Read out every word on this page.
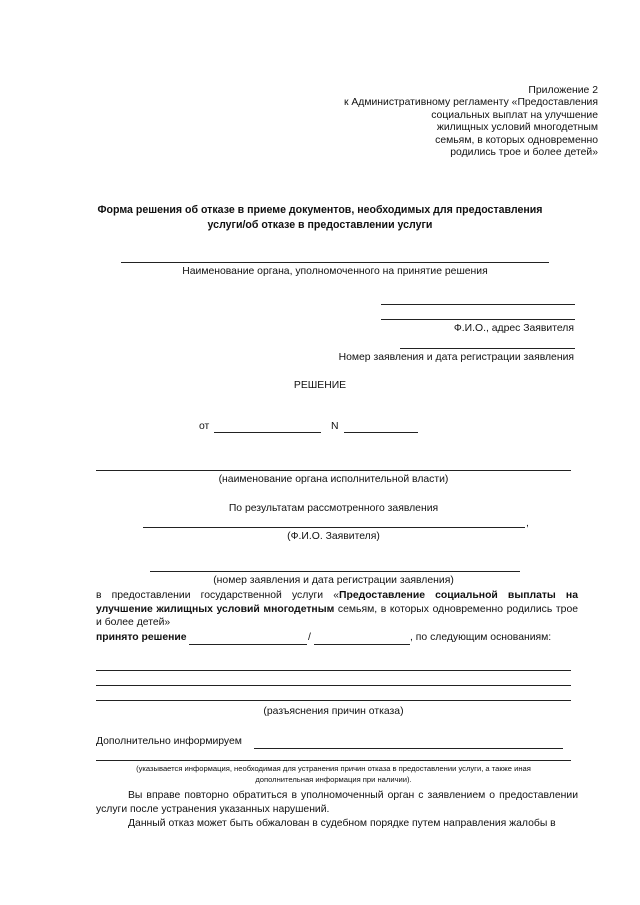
Приложение 2
к Административному регламенту «Предоставления
социальных выплат на улучшение
жилищных условий многодетным
семьям, в которых одновременно
родились трое и более детей»
Форма решения об отказе в приеме документов, необходимых для предоставления услуги/об отказе в предоставлении услуги
Наименование органа, уполномоченного на принятие решения
Ф.И.О., адрес Заявителя
Номер заявления и дата регистрации заявления
РЕШЕНИЕ
от	N
(наименование органа исполнительной власти)
По результатам рассмотренного заявления
,
(Ф.И.О. Заявителя)
(номер заявления и дата регистрации заявления)
в предоставлении государственной услуги «Предоставление социальной выплаты на улучшение жилищных условий многодетным семьям, в которых одновременно родились трое и более детей»
принято решение	/	, по следующим основаниям:
(разъяснения причин отказа)
Дополнительно информируем
(указывается информация, необходимая для устранения причин отказа в предоставлении услуги, а также иная
дополнительная информация при наличии).
Вы вправе повторно обратиться в уполномоченный орган с заявлением о предоставлении услуги после устранения указанных нарушений.
Данный отказ может быть обжалован в судебном порядке путем направления жалобы в
